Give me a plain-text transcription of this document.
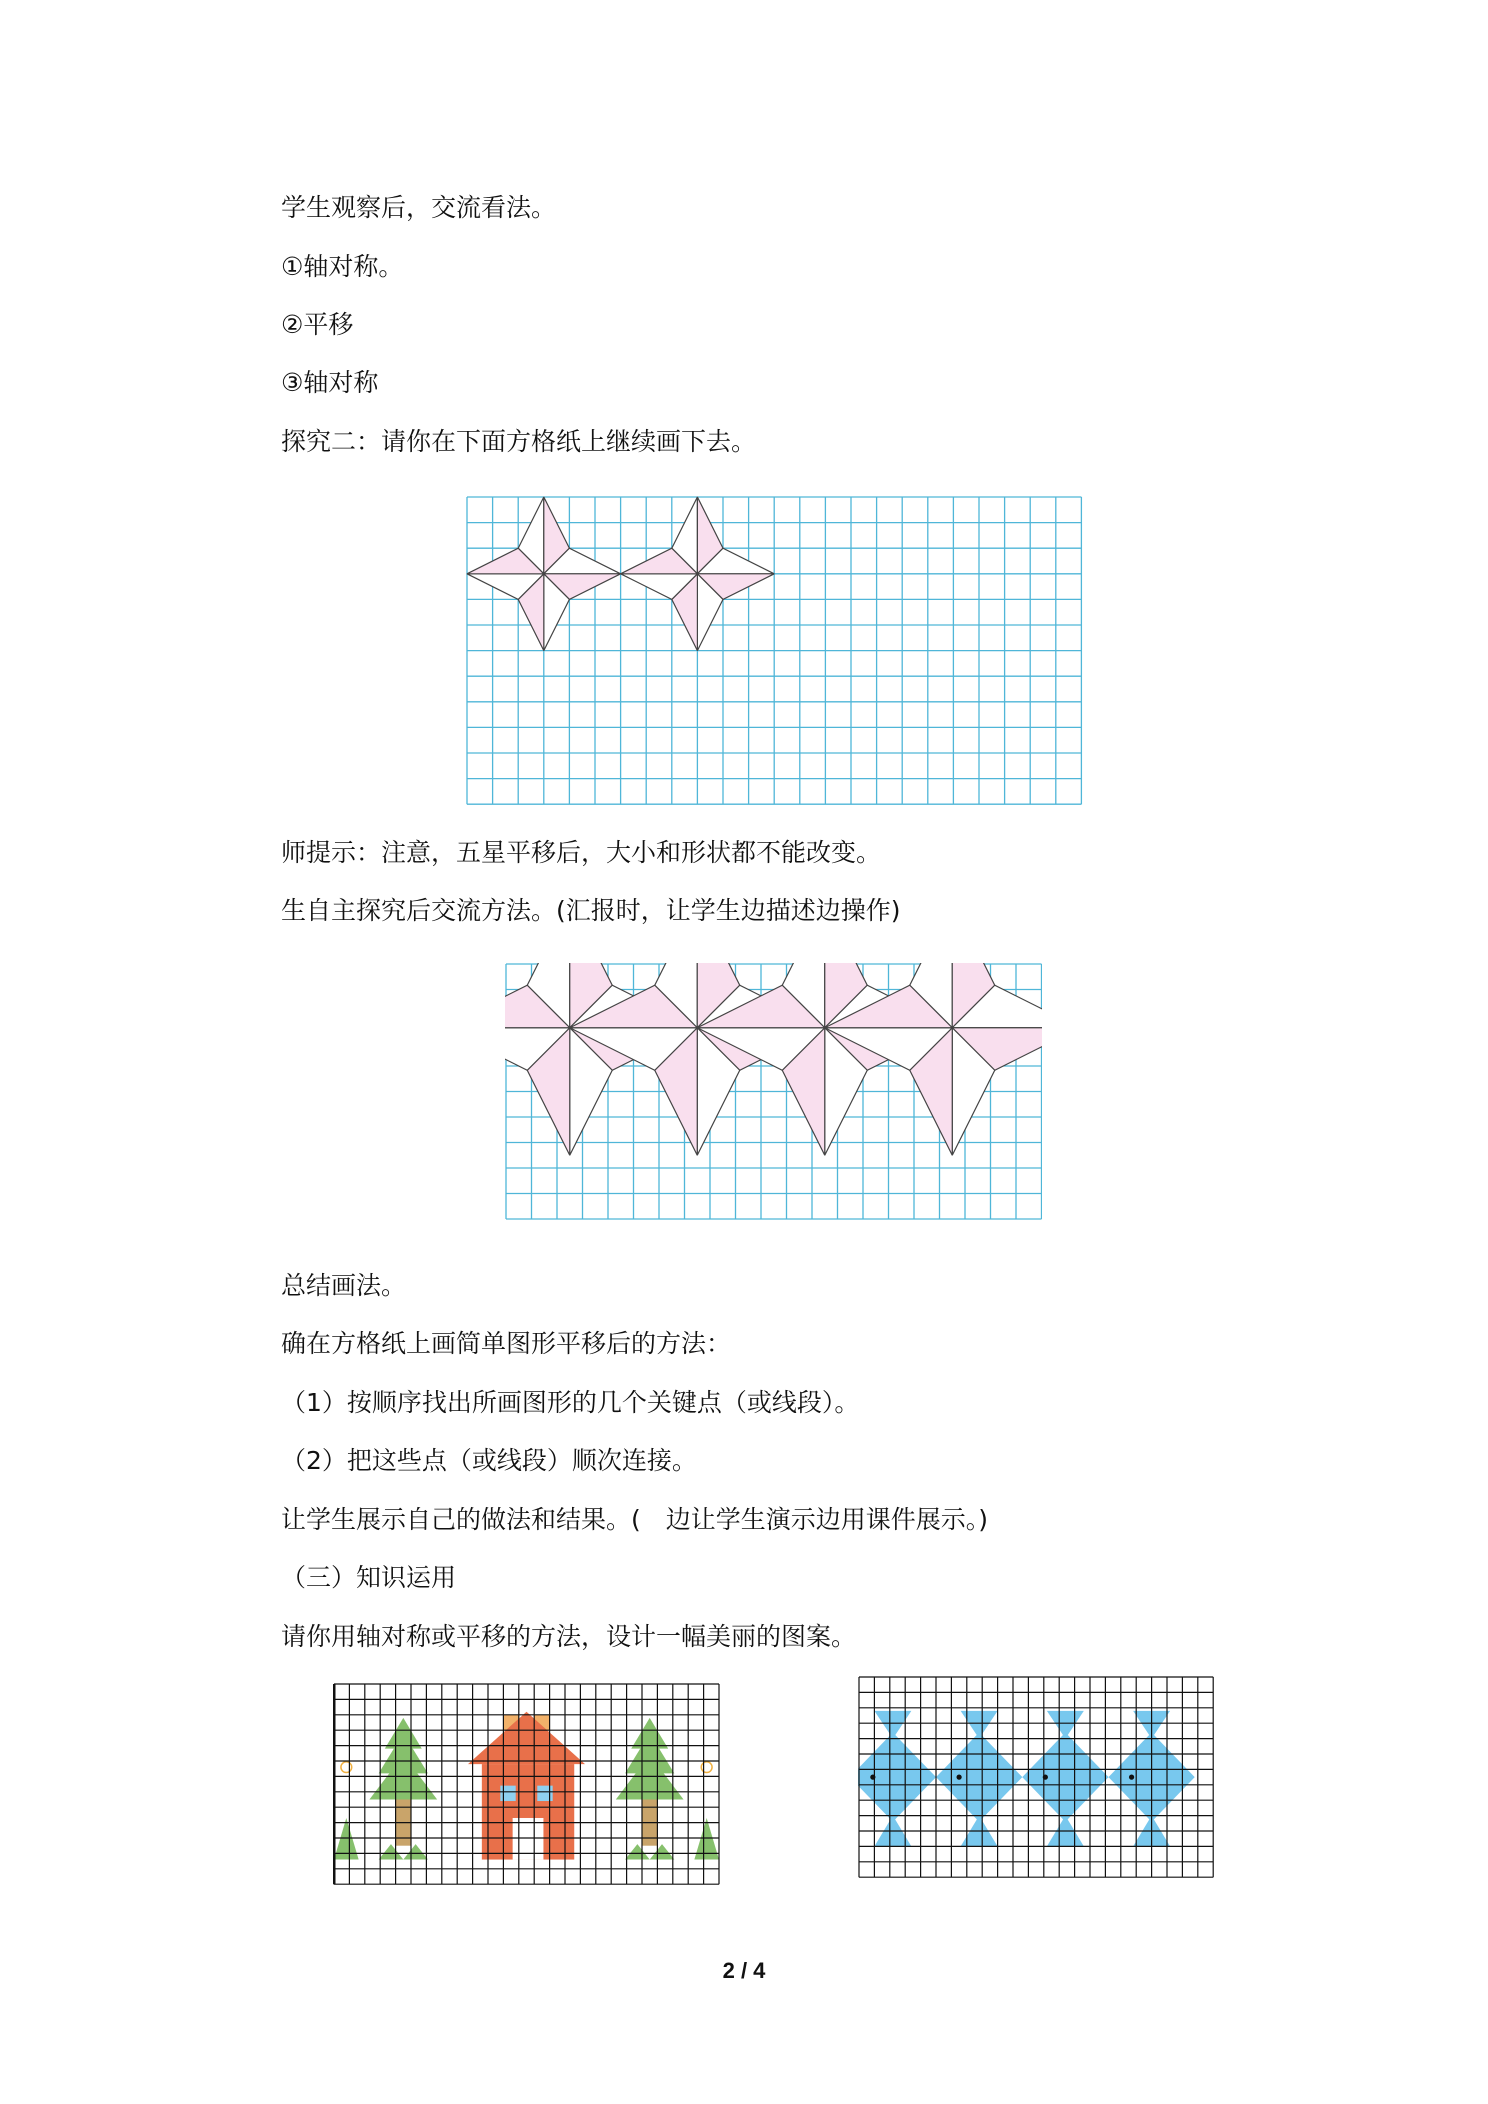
学生观察后，交流看法。
①轴对称。
②平移
③轴对称
探究二：请你在下面方格纸上继续画下去。
师提示：注意，五星平移后，大小和形状都不能改变。
生自主探究后交流方法。(汇报时，让学生边描述边操作)
总结画法。
确在方格纸上画简单图形平移后的方法：
（1）按顺序找出所画图形的几个关键点（或线段）。
（2）把这些点（或线段）顺次连接。
让学生展示自己的做法和结果。(　边让学生演示边用课件展示。)
（三）知识运用
请你用轴对称或平移的方法，设计一幅美丽的图案。
2 / 4
